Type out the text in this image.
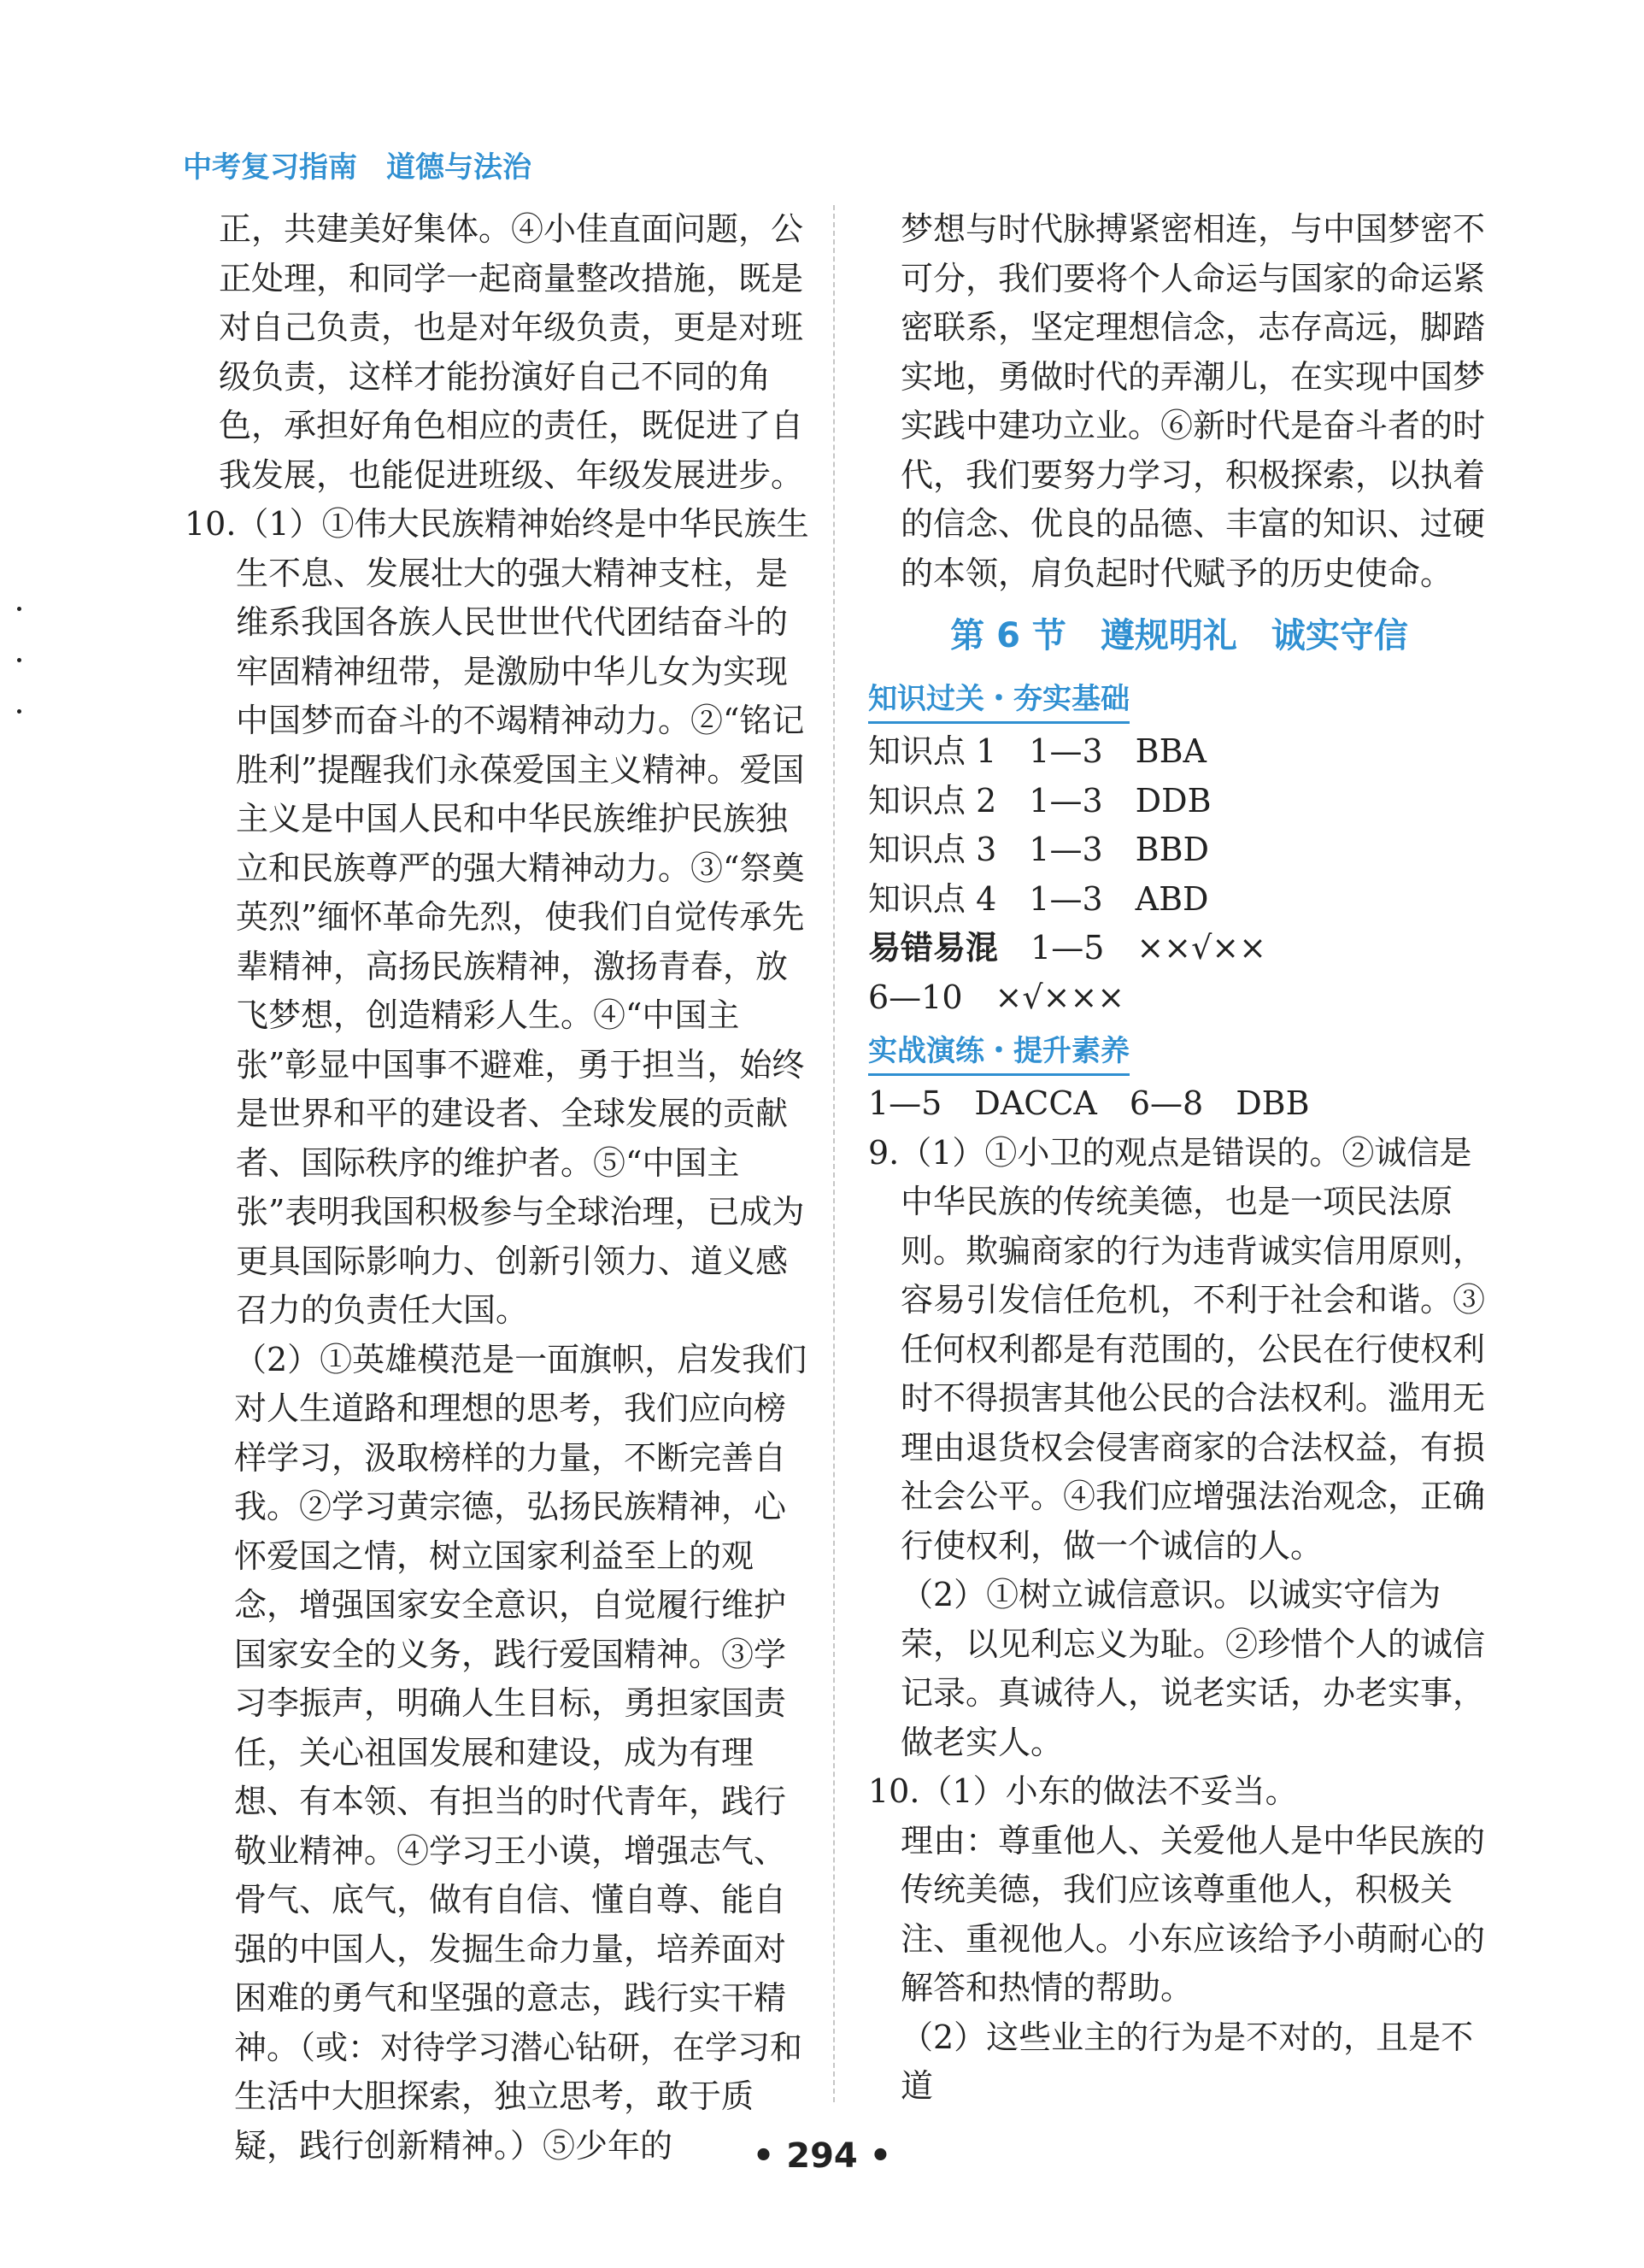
中考复习指南　道德与法治

正，共建美好集体。④小佳直面问题，公正处理，和同学一起商量整改措施，既是对自己负责，也是对年级负责，更是对班级负责，这样才能扮演好自己不同的角色，承担好角色相应的责任，既促进了自我发展，也能促进班级、年级发展进步。

10.（1）①伟大民族精神始终是中华民族生生不息、发展壮大的强大精神支柱，是维系我国各族人民世世代代团结奋斗的牢固精神纽带，是激励中华儿女为实现中国梦而奋斗的不竭精神动力。②“铭记胜利”提醒我们永葆爱国主义精神。爱国主义是中国人民和中华民族维护民族独立和民族尊严的强大精神动力。③“祭奠英烈”缅怀革命先烈，使我们自觉传承先辈精神，高扬民族精神，激扬青春，放飞梦想，创造精彩人生。④“中国主张”彰显中国事不避难，勇于担当，始终是世界和平的建设者、全球发展的贡献者、国际秩序的维护者。⑤“中国主张”表明我国积极参与全球治理，已成为更具国际影响力、创新引领力、道义感召力的负责任大国。

（2）①英雄模范是一面旗帜，启发我们对人生道路和理想的思考，我们应向榜样学习，汲取榜样的力量，不断完善自我。②学习黄宗德，弘扬民族精神，心怀爱国之情，树立国家利益至上的观念，增强国家安全意识，自觉履行维护国家安全的义务，践行爱国精神。③学习李振声，明确人生目标，勇担家国责任，关心祖国发展和建设，成为有理想、有本领、有担当的时代青年，践行敬业精神。④学习王小谟，增强志气、骨气、底气，做有自信、懂自尊、能自强的中国人，发掘生命力量，培养面对困难的勇气和坚强的意志，践行实干精神。（或：对待学习潜心钻研，在学习和生活中大胆探索，独立思考，敢于质疑，践行创新精神。）⑤少年的

梦想与时代脉搏紧密相连，与中国梦密不可分，我们要将个人命运与国家的命运紧密联系，坚定理想信念，志存高远，脚踏实地，勇做时代的弄潮儿，在实现中国梦实践中建功立业。⑥新时代是奋斗者的时代，我们要努力学习，积极探索，以执着的信念、优良的品德、丰富的知识、过硬的本领，肩负起时代赋予的历史使命。

第 6 节　遵规明礼　诚实守信
知识过关・夯实基础
知识点 1　 1—3　 BBA
知识点 2　 1—3　 DDB
知识点 3　 1—3　 BBD
知识点 4　 1—3　 ABD
易错易混　 1—5　 ××√××
6—10　 ×√×××
实战演练・提升素养
1—5　DACCA　6—8　DBB

9.（1）①小卫的观点是错误的。②诚信是中华民族的传统美德，也是一项民法原则。欺骗商家的行为违背诚实信用原则，容易引发信任危机，不利于社会和谐。③任何权利都是有范围的，公民在行使权利时不得损害其他公民的合法权利。滥用无理由退货权会侵害商家的合法权益，有损社会公平。④我们应增强法治观念，正确行使权利，做一个诚信的人。

（2）①树立诚信意识。以诚实守信为荣，以见利忘义为耻。②珍惜个人的诚信记录。真诚待人，说老实话，办老实事，做老实人。

10.（1）小东的做法不妥当。

理由：尊重他人、关爱他人是中华民族的传统美德，我们应该尊重他人，积极关注、重视他人。小东应该给予小萌耐心的解答和热情的帮助。

（2）这些业主的行为是不对的，且是不道

• 294 •
